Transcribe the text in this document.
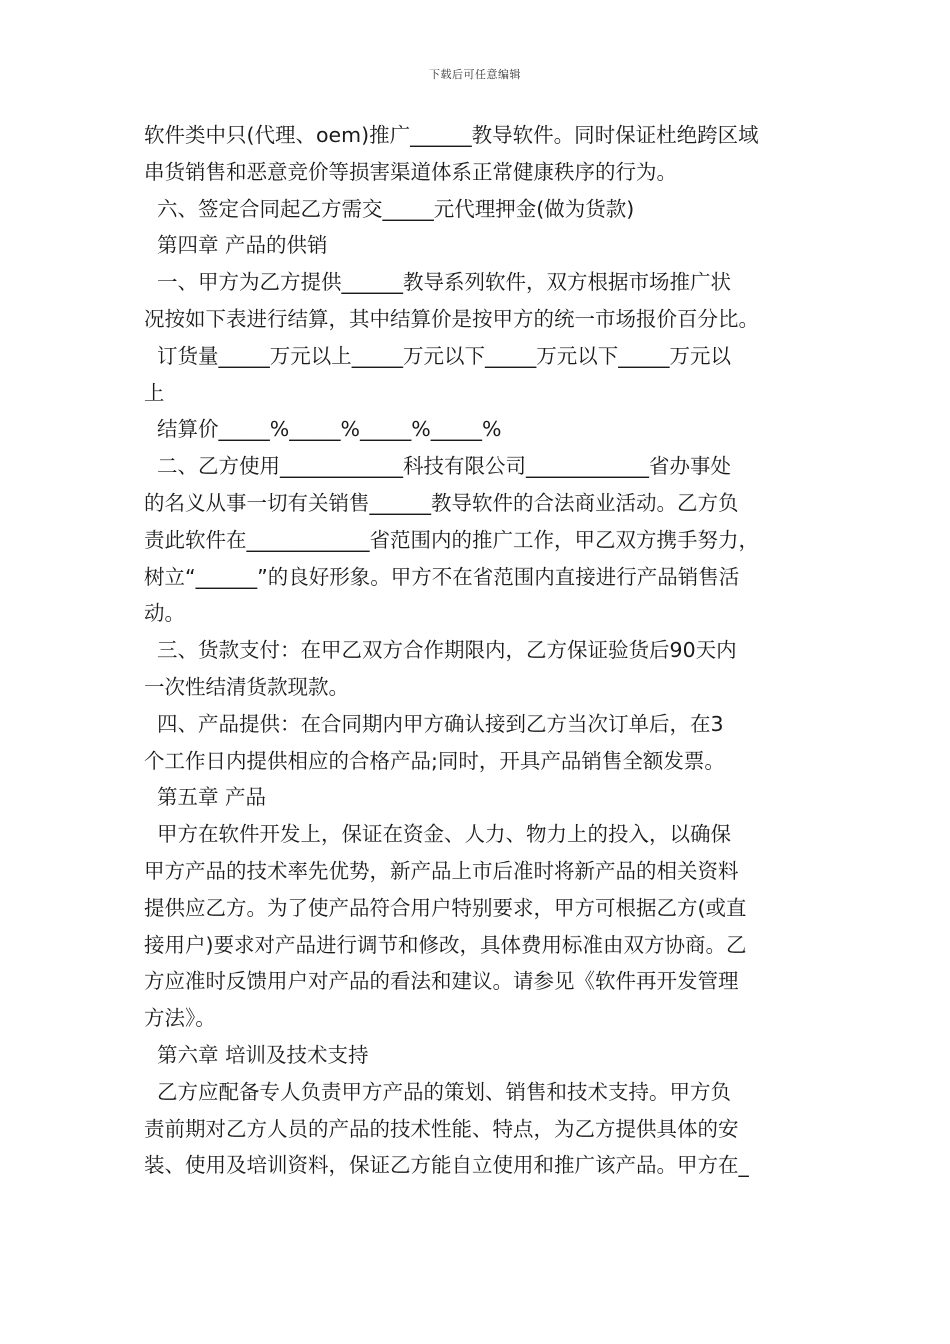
下载后可任意编辑
软件类中只(代理、oem)推广______教导软件。同时保证杜绝跨区域
串货销售和恶意竞价等损害渠道体系正常健康秩序的行为。
六、签定合同起乙方需交_____元代理押金(做为货款)
第四章 产品的供销
一、甲方为乙方提供______教导系列软件，双方根据市场推广状
况按如下表进行结算，其中结算价是按甲方的统一市场报价百分比。
订货量_____万元以上_____万元以下_____万元以下_____万元以
上
结算价_____%_____%_____%_____%
二、乙方使用____________科技有限公司____________省办事处
的名义从事一切有关销售______教导软件的合法商业活动。乙方负
责此软件在____________省范围内的推广工作，甲乙双方携手努力，
树立“______”的良好形象。甲方不在省范围内直接进行产品销售活
动。
三、货款支付：在甲乙双方合作期限内，乙方保证验货后90天内
一次性结清货款现款。
四、产品提供：在合同期内甲方确认接到乙方当次订单后，在3
个工作日内提供相应的合格产品;同时，开具产品销售全额发票。
第五章 产品
甲方在软件开发上，保证在资金、人力、物力上的投入，以确保
甲方产品的技术率先优势，新产品上市后准时将新产品的相关资料
提供应乙方。为了使产品符合用户特别要求，甲方可根据乙方(或直
接用户)要求对产品进行调节和修改，具体费用标准由双方协商。乙
方应准时反馈用户对产品的看法和建议。请参见《软件再开发管理
方法》。
第六章 培训及技术支持
乙方应配备专人负责甲方产品的策划、销售和技术支持。甲方负
责前期对乙方人员的产品的技术性能、特点，为乙方提供具体的安
装、使用及培训资料，保证乙方能自立使用和推广该产品。甲方在_
